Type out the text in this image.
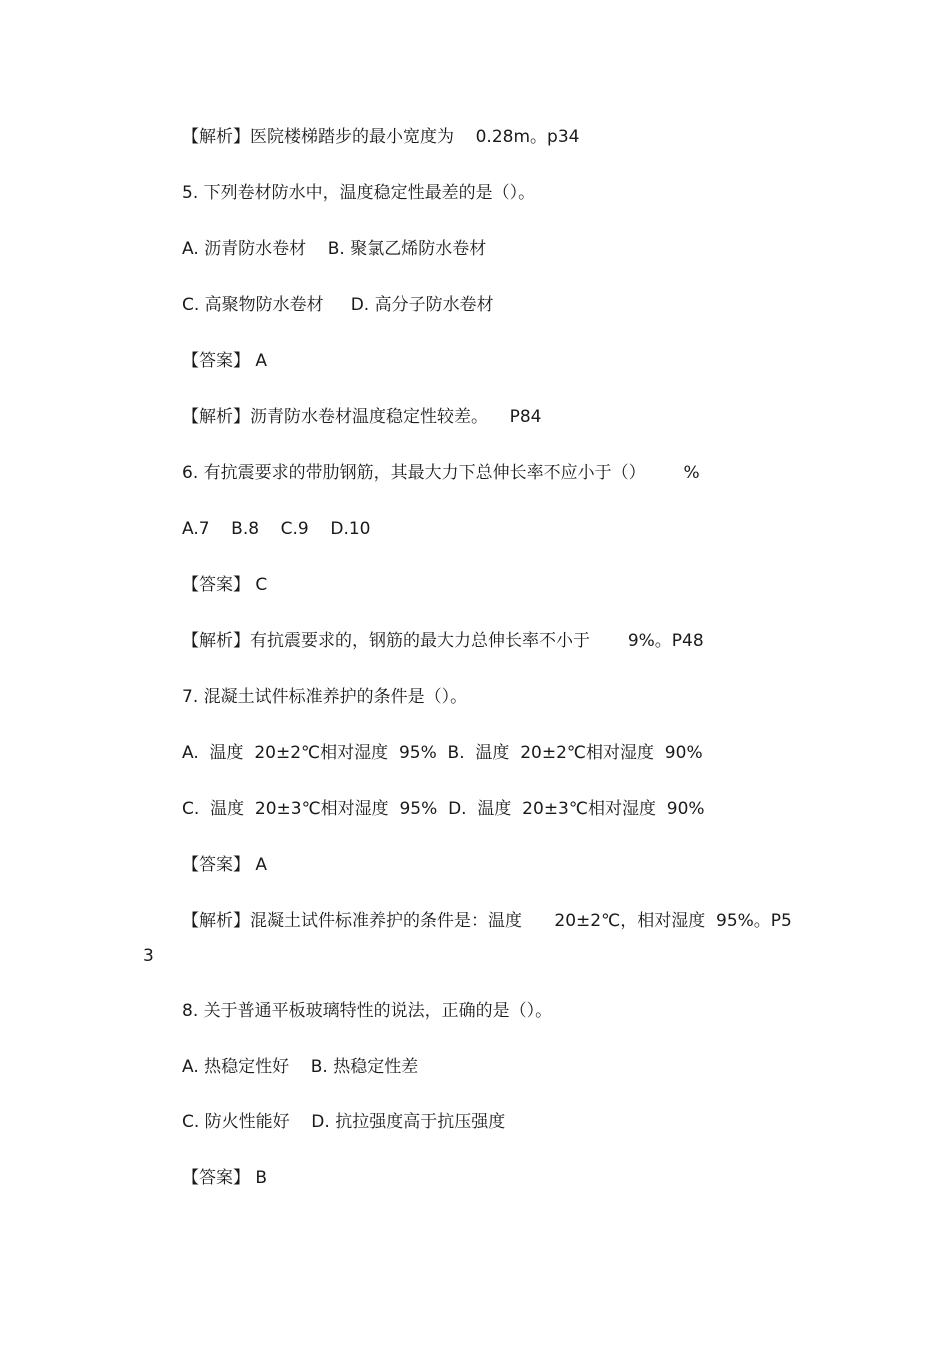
【解析】医院楼梯踏步的最小宽度为    0.28m。p34
5. 下列卷材防水中，温度稳定性最差的是（）。
A. 沥青防水卷材    B. 聚氯乙烯防水卷材
C. 高聚物防水卷材     D. 高分子防水卷材
【答案】 A
【解析】沥青防水卷材温度稳定性较差。    P84
6. 有抗震要求的带肋钢筋，其最大力下总伸长率不应小于（）       %
A.7    B.8    C.9    D.10
【答案】 C
【解析】有抗震要求的，钢筋的最大力总伸长率不小于       9%。P48
7. 混凝土试件标准养护的条件是（）。
A.  温度  20±2℃相对湿度  95%  B.  温度  20±2℃相对湿度  90%
C.  温度  20±3℃相对湿度  95%  D.  温度  20±3℃相对湿度  90%
【答案】 A
【解析】混凝土试件标准养护的条件是：温度      20±2℃，相对湿度  95%。P5
3
8. 关于普通平板玻璃特性的说法，正确的是（）。
A. 热稳定性好    B. 热稳定性差
C. 防火性能好    D. 抗拉强度高于抗压强度
【答案】 B
